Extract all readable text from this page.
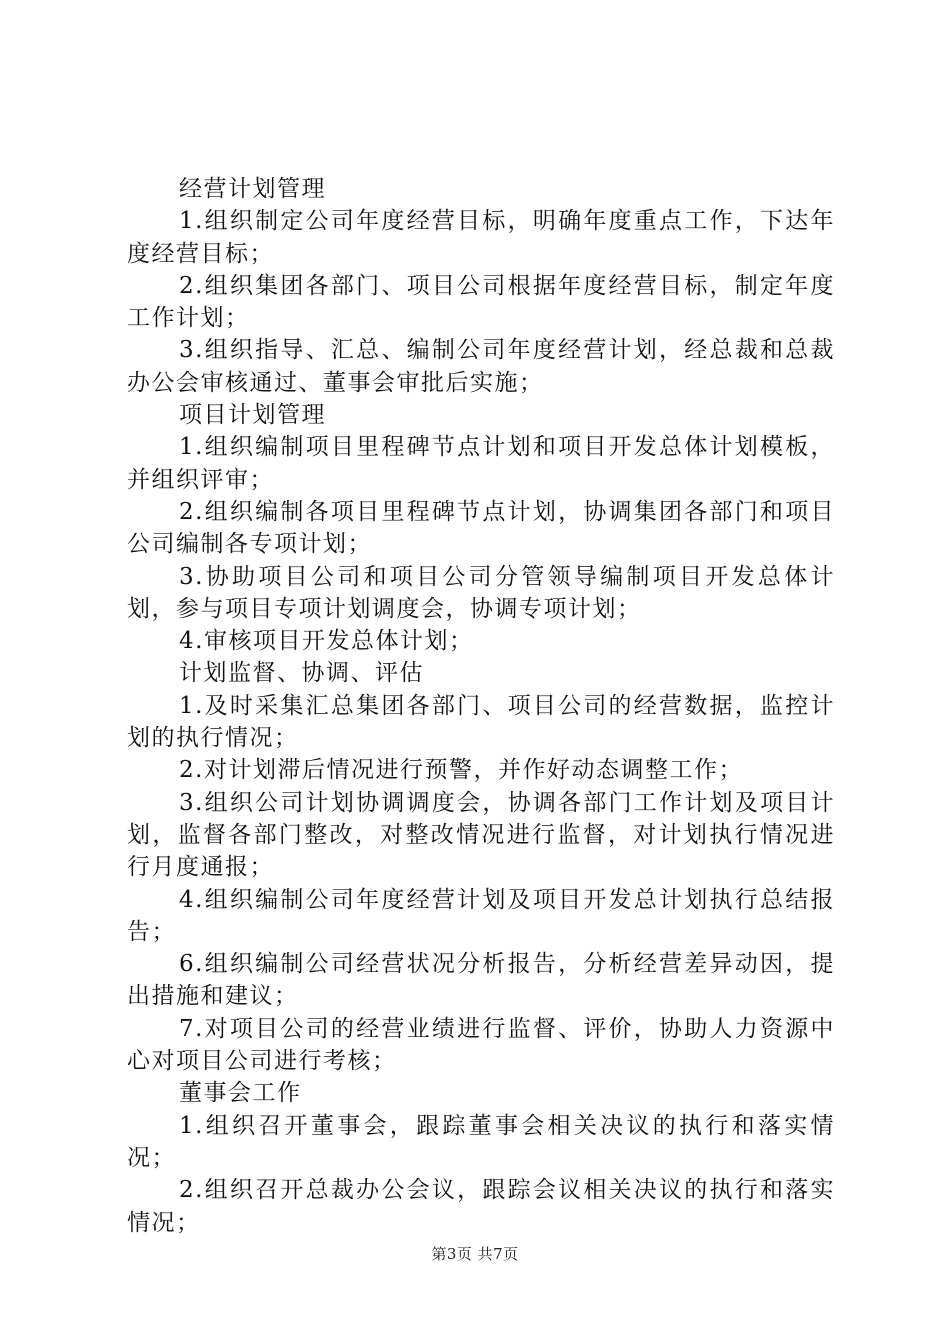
经营计划管理

1.组织制定公司年度经营目标，明确年度重点工作，下达年度经营目标；

2.组织集团各部门、项目公司根据年度经营目标，制定年度工作计划；

3.组织指导、汇总、编制公司年度经营计划，经总裁和总裁办公会审核通过、董事会审批后实施；

项目计划管理

1.组织编制项目里程碑节点计划和项目开发总体计划模板，并组织评审；

2.组织编制各项目里程碑节点计划，协调集团各部门和项目公司编制各专项计划；

3.协助项目公司和项目公司分管领导编制项目开发总体计划，参与项目专项计划调度会，协调专项计划；

4.审核项目开发总体计划；

计划监督、协调、评估

1.及时采集汇总集团各部门、项目公司的经营数据，监控计划的执行情况；

2.对计划滞后情况进行预警，并作好动态调整工作；

3.组织公司计划协调调度会，协调各部门工作计划及项目计划，监督各部门整改，对整改情况进行监督，对计划执行情况进行月度通报；

4.组织编制公司年度经营计划及项目开发总计划执行总结报告；

6.组织编制公司经营状况分析报告，分析经营差异动因，提出措施和建议；

7.对项目公司的经营业绩进行监督、评价，协助人力资源中心对项目公司进行考核；

董事会工作

1.组织召开董事会，跟踪董事会相关决议的执行和落实情况；

2.组织召开总裁办公会议，跟踪会议相关决议的执行和落实情况；

第3页 共7页
